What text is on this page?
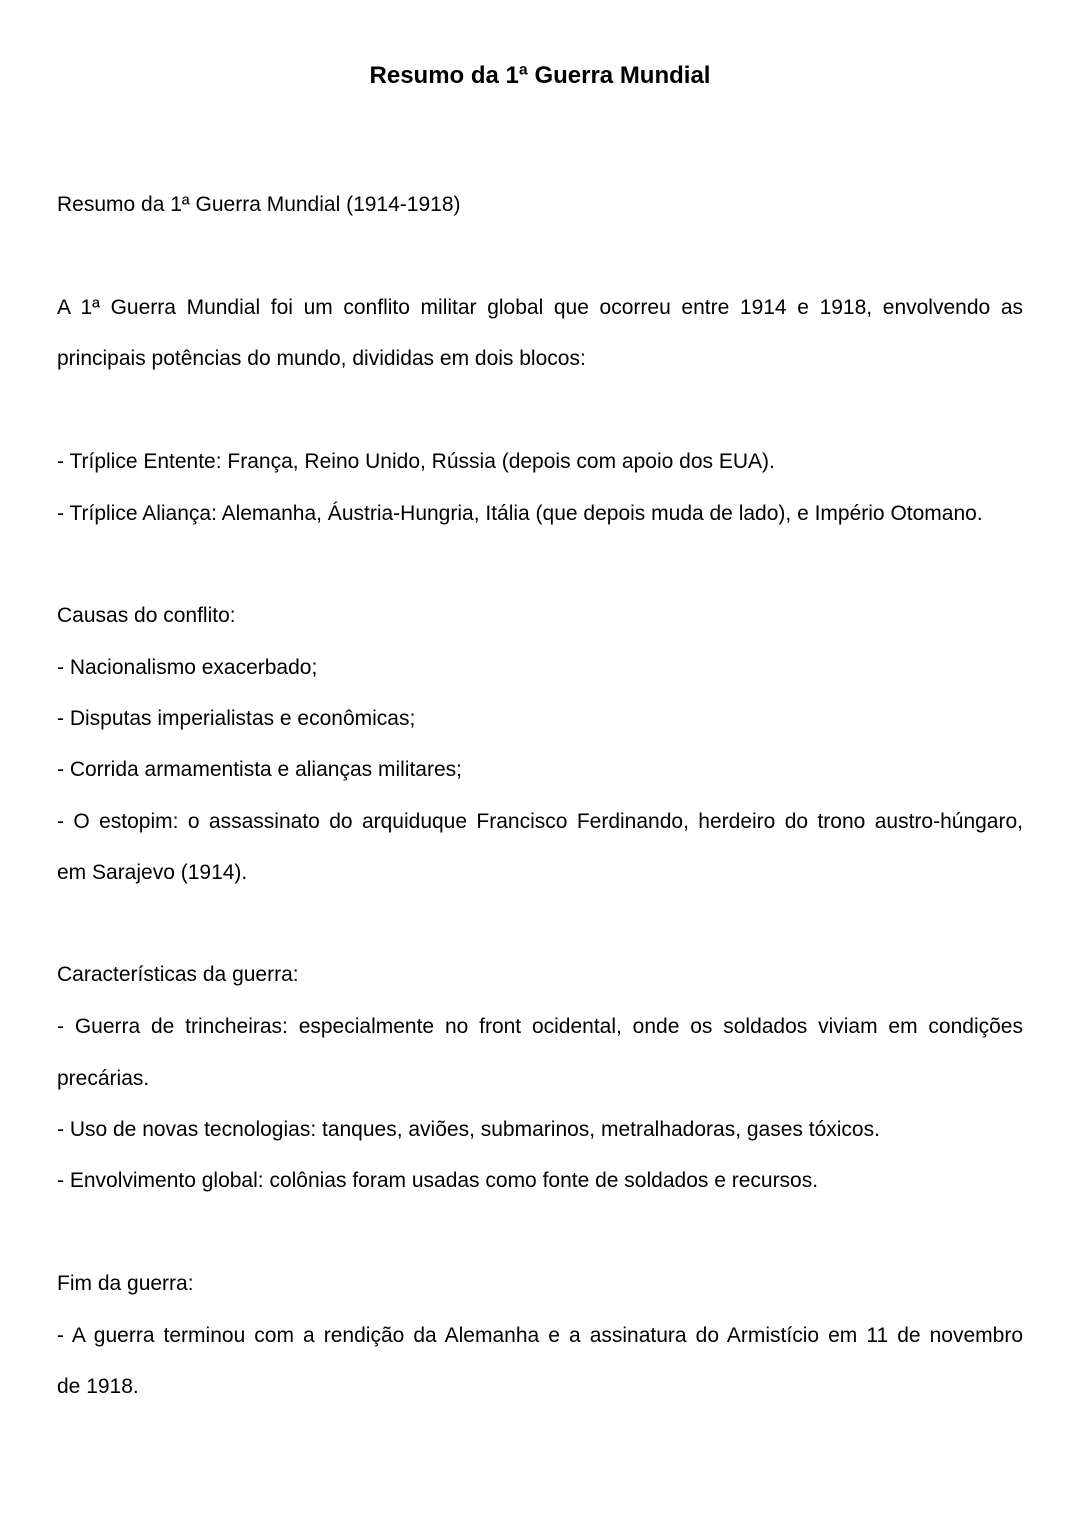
Resumo da 1ª Guerra Mundial
Resumo da 1ª Guerra Mundial (1914-1918)
A 1ª Guerra Mundial foi um conflito militar global que ocorreu entre 1914 e 1918, envolvendo as
principais potências do mundo, divididas em dois blocos:
- Tríplice Entente: França, Reino Unido, Rússia (depois com apoio dos EUA).
- Tríplice Aliança: Alemanha, Áustria-Hungria, Itália (que depois muda de lado), e Império Otomano.
Causas do conflito:
- Nacionalismo exacerbado;
- Disputas imperialistas e econômicas;
- Corrida armamentista e alianças militares;
- O estopim: o assassinato do arquiduque Francisco Ferdinando, herdeiro do trono austro-húngaro,
em Sarajevo (1914).
Características da guerra:
- Guerra de trincheiras: especialmente no front ocidental, onde os soldados viviam em condições
precárias.
- Uso de novas tecnologias: tanques, aviões, submarinos, metralhadoras, gases tóxicos.
- Envolvimento global: colônias foram usadas como fonte de soldados e recursos.
Fim da guerra:
- A guerra terminou com a rendição da Alemanha e a assinatura do Armistício em 11 de novembro
de 1918.
